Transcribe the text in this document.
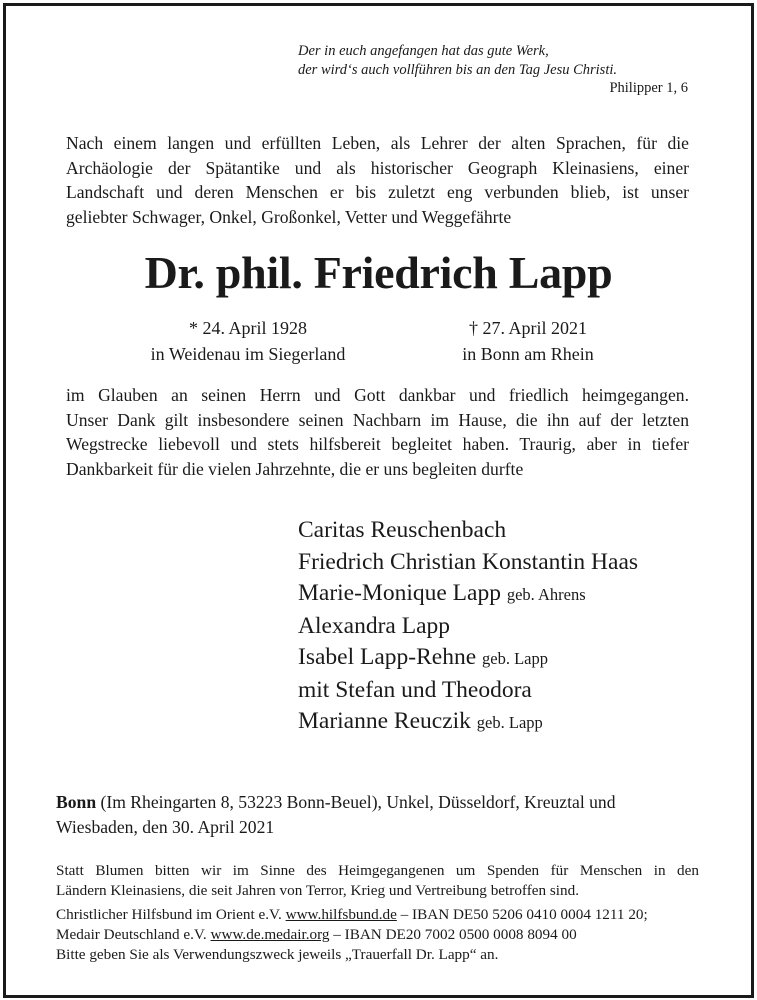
Der in euch angefangen hat das gute Werk,
der wird‘s auch vollführen bis an den Tag Jesu Christi.
Philipper 1, 6
Nach einem langen und erfüllten Leben, als Lehrer der alten Sprachen, für die
Archäologie der Spätantike und als historischer Geograph Kleinasiens, einer
Landschaft und deren Menschen er bis zuletzt eng verbunden blieb, ist unser
geliebter Schwager, Onkel, Großonkel, Vetter und Weggefährte
Dr. phil. Friedrich Lapp
* 24. April 1928
in Weidenau im Siegerland
† 27. April 2021
in Bonn am Rhein
im Glauben an seinen Herrn und Gott dankbar und friedlich heimgegangen.
Unser Dank gilt insbesondere seinen Nachbarn im Hause, die ihn auf der letzten
Wegstrecke liebevoll und stets hilfsbereit begleitet haben. Traurig, aber in tiefer
Dankbarkeit für die vielen Jahrzehnte, die er uns begleiten durfte
Caritas Reuschenbach
Friedrich Christian Konstantin Haas
Marie-Monique Lapp geb. Ahrens
Alexandra Lapp
Isabel Lapp-Rehne geb. Lapp
mit Stefan und Theodora
Marianne Reuczik geb. Lapp
Bonn (Im Rheingarten 8, 53223 Bonn-Beuel), Unkel, Düsseldorf, Kreuztal und
Wiesbaden, den 30. April 2021
Statt Blumen bitten wir im Sinne des Heimgegangenen um Spenden für Menschen in den
Ländern Kleinasiens, die seit Jahren von Terror, Krieg und Vertreibung betroffen sind.
Christlicher Hilfsbund im Orient e.V. www.hilfsbund.de – IBAN DE50 5206 0410 0004 1211 20;
Medair Deutschland e.V. www.de.medair.org – IBAN DE20 7002 0500 0008 8094 00
Bitte geben Sie als Verwendungszweck jeweils „Trauerfall Dr. Lapp“ an.
